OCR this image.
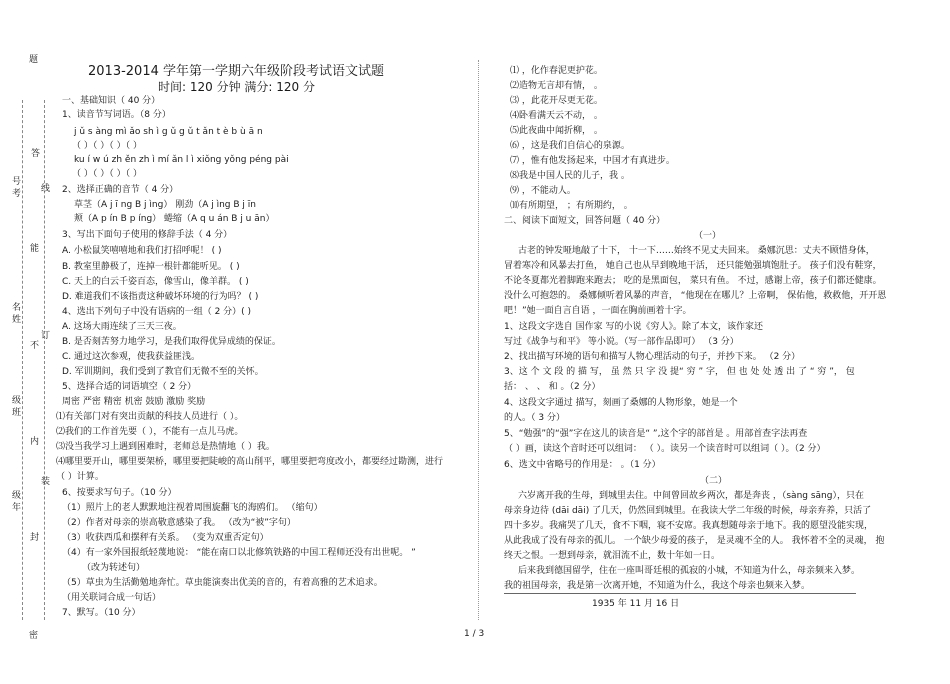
题
答
线
号
考
能
名
姓
不
订
级
班
内
装
级
年
封
密
2013-2014 学年第一学期六年级阶段考试语文试题
时间: 120 分钟 满分: 120 分
一、基础知识（ 40 分）
1、读音节写词语。（8 分）
j ǔ s àng mì ǎo sh ì g ǔ g ǔ t ǎn t è b ù ā n
（ ）（ ）（ ）（ ）
ku í w ú zh ěn zh ì mí ǎn l ì xiǒng yǒng péng pài
（ ）（ ）（ ）（ ）
2、选择正确的音节（ 4 分）
草茎（A j ī ng B j ìng） 刚劲（A j ìng B j īn
颊（A p ín B p íng） 蜷缩（A q u án B j u ān）
3、写出下面句子使用的修辞手法（ 4 分）
A. 小松鼠笑嘻嘻地和我们打招呼呢！ ( )
B. 教室里静极了，连掉一根针都能听见。 ( )
C. 天上的白云千姿百态，像雪山，像羊群。 ( )
D. 难道我们不该指责这种破坏环境的行为吗？ ( )
4、选出下列句子中没有语病的一组（ 2 分）( )
A. 这场大雨连续了三天三夜。
B. 是否刻苦努力地学习，是我们取得优异成绩的保证。
C. 通过这次参观，使我获益匪浅。
D. 军训期间，我们受到了教官们无微不至的关怀。
5、选择合适的词语填空（ 2 分）
周密 严密 精密 机密 鼓励 激励 奖励
⑴有关部门对有突出贡献的科技人员进行（ ）。
⑵我们的工作首先要（ ），不能有一点儿马虎。
⑶没当我学习上遇到困难时，老师总是热情地（ ）我。
⑷哪里要开山，哪里要架桥，哪里要把陡峻的高山削平，哪里要把弯度改小，都要经过勘测，进行
（ ）计算。
6、按要求写句子。（10 分）
（1）照片上的老人默默地注视着周围旋翻飞的海鸥们。 （缩句）
（2）作者对母亲的崇高敬意感染了我。 （改为“被”字句）
（3）收获西瓜和摆秤有关系。 （变为双重否定句）
（4）有一家外国报纸轻蔑地说： “能在南口以北修筑铁路的中国工程师还没有出世呢。 ”
（改为转述句）
（5）草虫为生活勤勉地奔忙。草虫能演奏出优美的音的，有着高雅的艺术追求。
（用关联词合成一句话）
7、默写。（10 分）
⑴ ，化作春泥更护花。
⑵造物无言却有情， 。
⑶ ，此花开尽更无花。
⑷卧看满天云不动， 。
⑸此夜曲中闻折柳， 。
⑹ ，这是我们自信心的泉源。
⑺ ，惟有他发扬起来，中国才有真进步。
⑻我是中国人民的儿子，我 。
⑼ ，不能动人。
⑽有所期望， ；有所期约， 。
二、阅读下面短文，回答问题（ 40 分）
（一）
古老的钟发哑地敲了十下， 十一下……始终不见丈夫回来。 桑娜沉思：丈夫不顾惜身体，
冒着寒冷和风暴去打鱼， 她自己也从早到晚地干活， 还只能勉强填饱肚子。 孩子们没有鞋穿，
不论冬夏都光着脚跑来跑去； 吃的是黑面包， 菜只有鱼。 不过，感谢上帝，孩子们都还健康。
没什么可抱怨的。 桑娜倾听着风暴的声音， “他现在在哪儿？上帝啊， 保佑他，救救他，开开恩
吧！”她一面自言自语 ，一面在胸前画着十字。
1、这段文字选自 国作家 写的小说《穷人》。除了本文，该作家还
写过《战争与和平》 等小说。（写一部作品即可） （3 分）
2、找出描写环境的语句和描写人物心理活动的句子，并抄下来。 （2 分）
3、这 个 文 段 的 描 写， 虽 然 只 字 没 提“ 穷 ” 字， 但 也 处 处 透 出 了 “ 穷 ”， 包
括： 、 、 和 。（2 分）
4、这段文字通过 描写，刻画了桑娜的人物形象，她是一个
的人。（ 3 分）
5、“勉强”的“强”字在这儿的读音是“ ”,这个字的部首是 。用部首查字法再查
（ ）画，读这个音时还可以组词： （ ）。读另一个读音时可以组词（ ）。（2 分）
6、选文中省略号的作用是： 。（1 分）
（二）
六岁离开我的生母，到城里去住。中间曾回故乡两次，都是奔丧 ，（sàng sāng），只在
母亲身边待 (dāi dāi) 了几天，仍然回到城里。在我读大学二年级的时候，母亲弃养，只活了
四十多岁。我痛哭了几天，食不下咽，寝不安席。我真想随母亲于地下。我的愿望没能实现，
从此我成了没有母亲的孤儿。 一个缺少母爱的孩子， 是灵魂不全的人。 我怀着不全的灵魂， 抱
终天之恨。一想到母亲，就泪流不止，数十年如一日。
后来我到德国留学，住在一座叫哥廷根的孤寂的小城，不知道为什么，母亲频来入梦。
我的祖国母亲，我是第一次离开她，不知道为什么，我这个母亲也频来入梦。
1935 年 11 月 16 日
1 / 3
